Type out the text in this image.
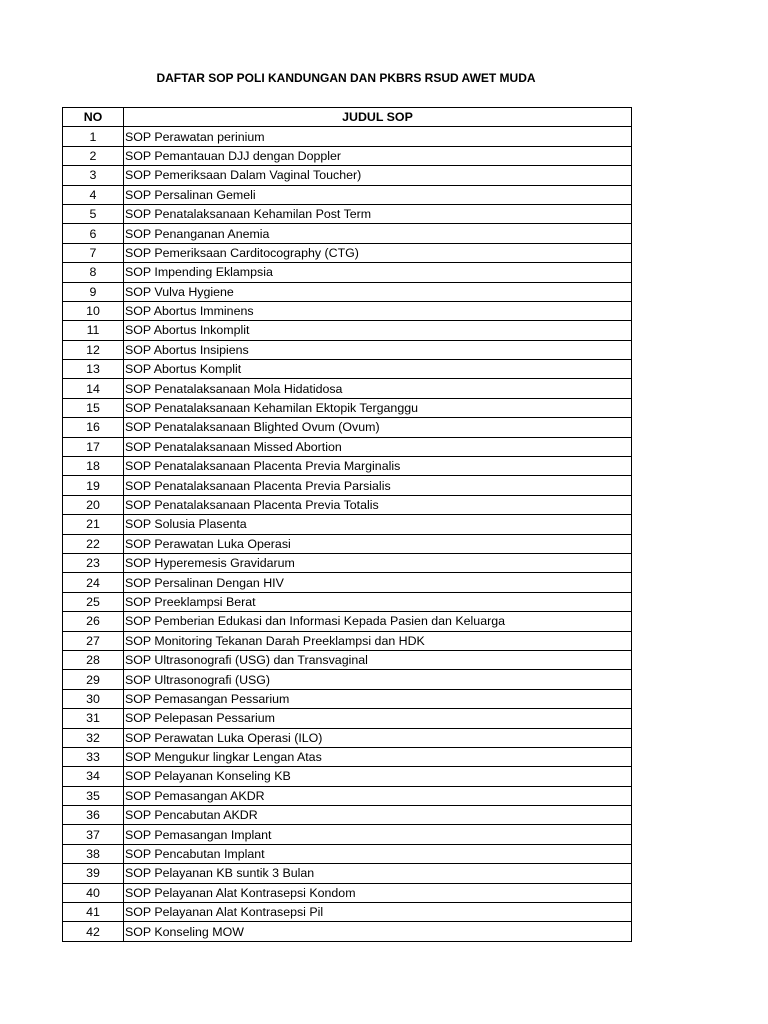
DAFTAR SOP POLI KANDUNGAN DAN PKBRS RSUD AWET MUDA
NO	JUDUL SOP
1	SOP Perawatan perinium
2	SOP Pemantauan DJJ dengan Doppler
3	SOP Pemeriksaan Dalam Vaginal Toucher)
4	SOP Persalinan Gemeli
5	SOP Penatalaksanaan Kehamilan Post Term
6	SOP Penanganan Anemia
7	SOP Pemeriksaan Carditocography (CTG)
8	SOP Impending Eklampsia
9	SOP Vulva Hygiene
10	SOP Abortus Imminens
11	SOP Abortus Inkomplit
12	SOP Abortus Insipiens
13	SOP Abortus Komplit
14	SOP Penatalaksanaan Mola Hidatidosa
15	SOP Penatalaksanaan Kehamilan Ektopik Terganggu
16	SOP Penatalaksanaan Blighted Ovum (Ovum)
17	SOP Penatalaksanaan Missed Abortion
18	SOP Penatalaksanaan Placenta Previa Marginalis
19	SOP Penatalaksanaan Placenta Previa Parsialis
20	SOP Penatalaksanaan Placenta Previa Totalis
21	SOP Solusia Plasenta
22	SOP Perawatan Luka Operasi
23	SOP Hyperemesis Gravidarum
24	SOP Persalinan Dengan HIV
25	SOP Preeklampsi Berat
26	SOP Pemberian Edukasi dan Informasi Kepada Pasien dan Keluarga
27	SOP Monitoring Tekanan Darah Preeklampsi dan HDK
28	SOP Ultrasonografi (USG) dan Transvaginal
29	SOP Ultrasonografi (USG)
30	SOP Pemasangan Pessarium
31	SOP Pelepasan Pessarium
32	SOP Perawatan Luka Operasi (ILO)
33	SOP Mengukur lingkar Lengan Atas
34	SOP Pelayanan Konseling KB
35	SOP Pemasangan AKDR
36	SOP Pencabutan AKDR
37	SOP Pemasangan Implant
38	SOP Pencabutan Implant
39	SOP Pelayanan KB suntik 3 Bulan
40	SOP Pelayanan Alat Kontrasepsi Kondom
41	SOP Pelayanan Alat Kontrasepsi Pil
42	SOP Konseling MOW
